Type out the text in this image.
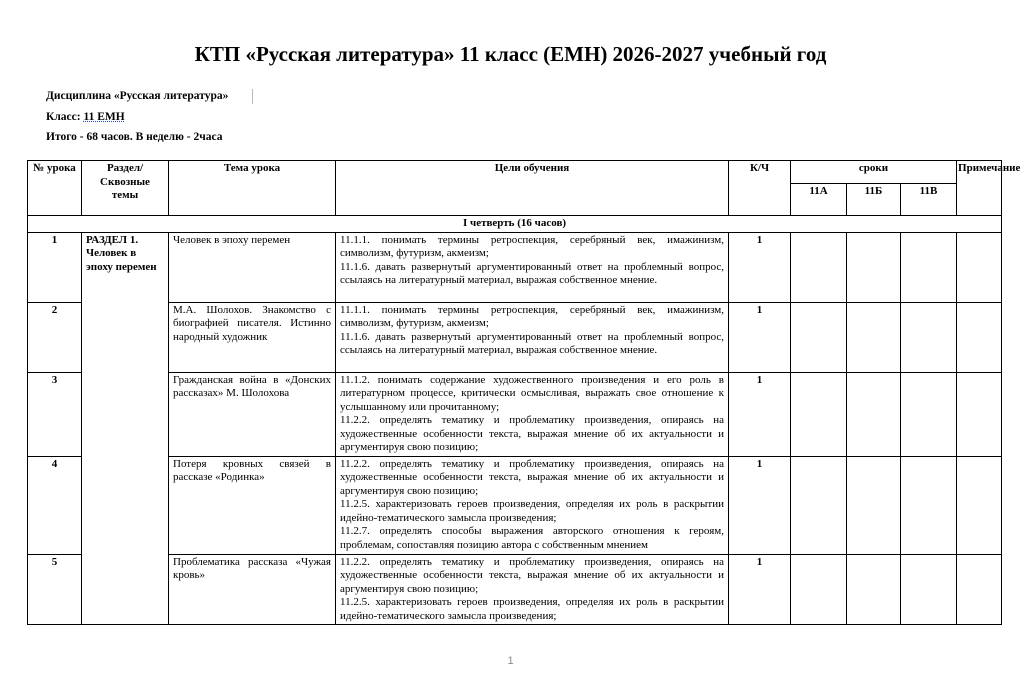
КТП «Русская литература» 11 класс (ЕМН) 2026-2027 учебный год
Дисциплина «Русская литература»
Класс: 11 ЕМН
Итого - 68 часов. В неделю - 2часа
№ урока	Раздел/ Сквозные темы	Тема урока	Цели обучения	К/Ч	сроки			Примечание
					11А	11Б	11В	
I четверть (16 часов)								
1	РАЗДЕЛ 1. Человек в эпоху перемен	Человек в эпоху перемен	11.1.1. понимать термины ретроспекция, серебряный век, имажинизм, символизм, футуризм, акмеизм;
11.1.6. давать развернутый аргументированный ответ на проблемный вопрос, ссылаясь на литературный материал, выражая собственное мнение.	1				
2		М.А. Шолохов. Знакомство с биографией писателя. Истинно народный художник	11.1.1. понимать термины ретроспекция, серебряный век, имажинизм, символизм, футуризм, акмеизм;
11.1.6. давать развернутый аргументированный ответ на проблемный вопрос, ссылаясь на литературный материал, выражая собственное мнение.	1				
3		Гражданская война в «Донских рассказах» М. Шолохова	11.1.2. понимать содержание художественного произведения и его роль в литературном процессе, критически осмысливая, выражать свое отношение к услышанному или прочитанному;
11.2.2. определять тематику и проблематику произведения, опираясь на художественные особенности текста, выражая мнение об их актуальности и аргументируя свою позицию;	1				
4		Потеря кровных связей в рассказе «Родинка»	11.2.2. определять тематику и проблематику произведения, опираясь на художественные особенности текста, выражая мнение об их актуальности и аргументируя свою позицию;
11.2.5. характеризовать героев произведения, определяя их роль в раскрытии идейно-тематического замысла произведения;
11.2.7. определять способы выражения авторского отношения к героям, проблемам, сопоставляя позицию автора с собственным мнением	1				
5		Проблематика рассказа «Чужая кровь»	11.2.2. определять тематику и проблематику произведения, опираясь на художественные особенности текста, выражая мнение об их актуальности и аргументируя свою позицию;
11.2.5. характеризовать героев произведения, определяя их роль в раскрытии идейно-тематического замысла произведения;	1				
1
